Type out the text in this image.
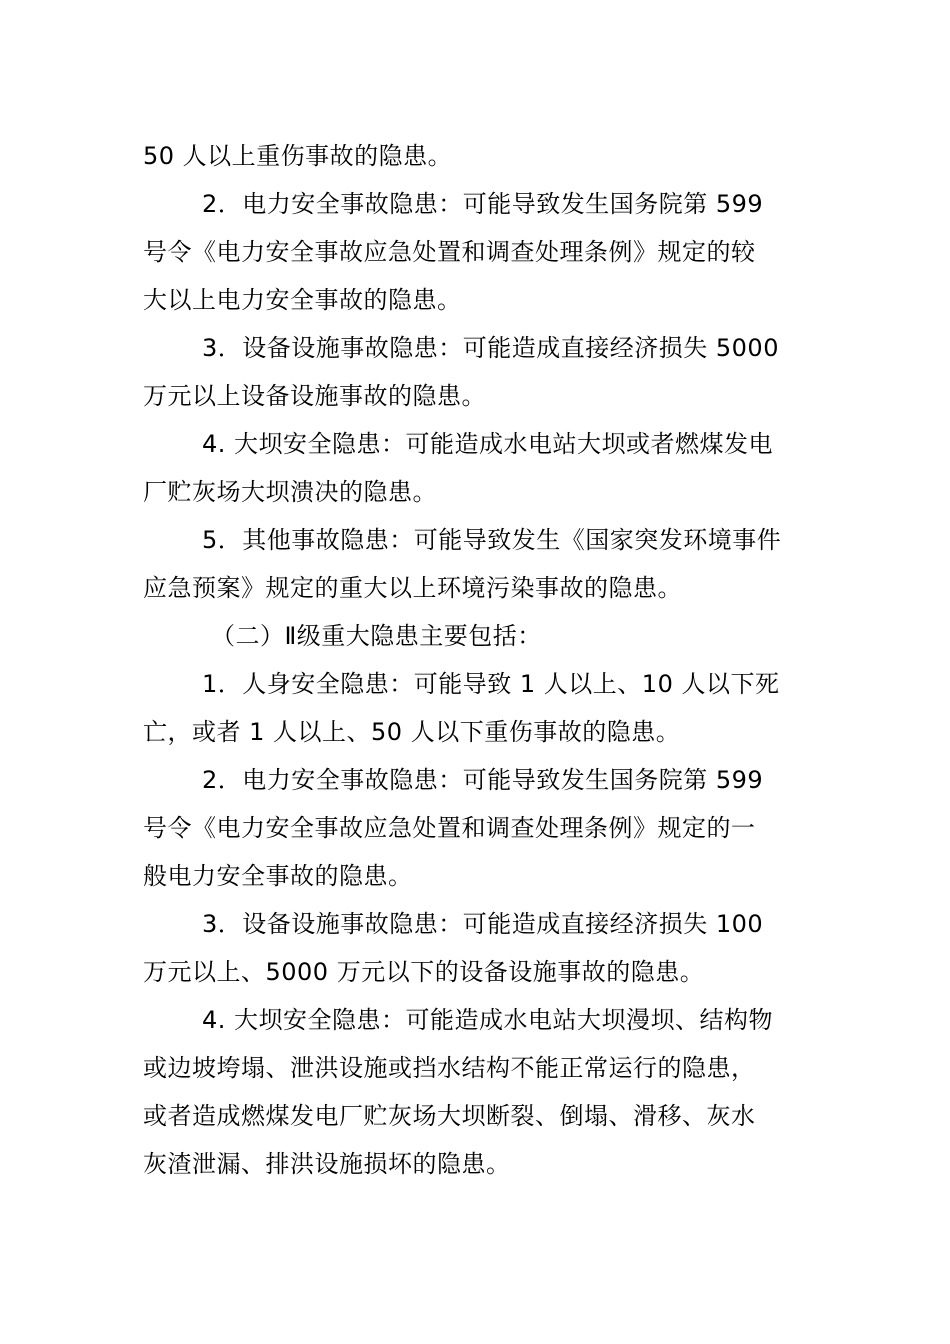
50 人以上重伤事故的隐患。
2．电力安全事故隐患：可能导致发生国务院第 599
号令《电力安全事故应急处置和调查处理条例》规定的较
大以上电力安全事故的隐患。
3．设备设施事故隐患：可能造成直接经济损失 5000
万元以上设备设施事故的隐患。
4. 大坝安全隐患：可能造成水电站大坝或者燃煤发电
厂贮灰场大坝溃决的隐患。
5．其他事故隐患：可能导致发生《国家突发环境事件
应急预案》规定的重大以上环境污染事故的隐患。
（二）Ⅱ级重大隐患主要包括：
1．人身安全隐患：可能导致 1 人以上、10 人以下死
亡，或者 1 人以上、50 人以下重伤事故的隐患。
2．电力安全事故隐患：可能导致发生国务院第 599
号令《电力安全事故应急处置和调查处理条例》规定的一
般电力安全事故的隐患。
3．设备设施事故隐患：可能造成直接经济损失 100
万元以上、5000 万元以下的设备设施事故的隐患。
4. 大坝安全隐患：可能造成水电站大坝漫坝、结构物
或边坡垮塌、泄洪设施或挡水结构不能正常运行的隐患，
或者造成燃煤发电厂贮灰场大坝断裂、倒塌、滑移、灰水
灰渣泄漏、排洪设施损坏的隐患。
